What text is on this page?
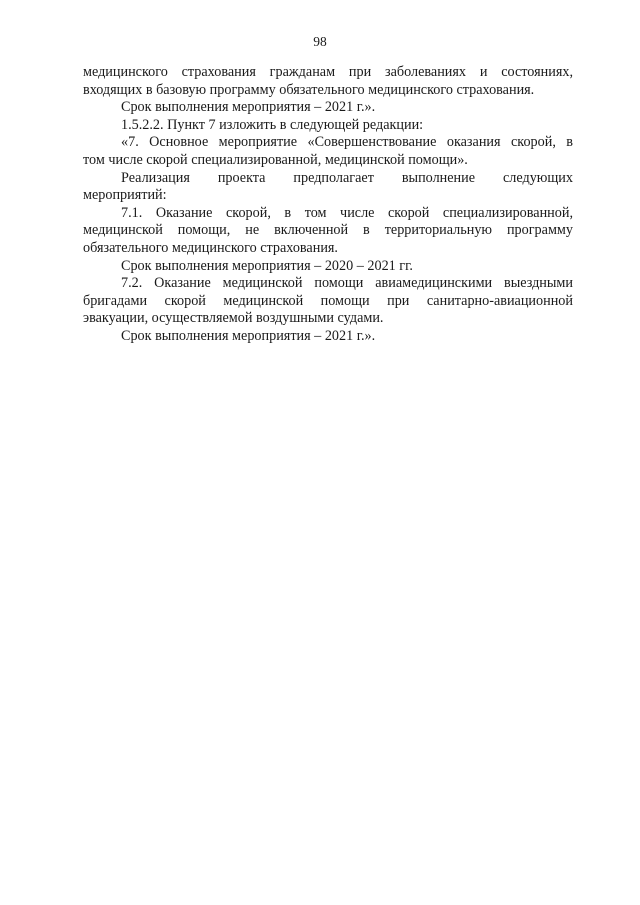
98
медицинского страхования гражданам при заболеваниях и состояниях,
входящих в базовую программу обязательного медицинского страхования.
Срок выполнения мероприятия – 2021 г.».
1.5.2.2. Пункт 7 изложить в следующей редакции:
«7. Основное мероприятие «Совершенствование оказания скорой, в
том числе скорой специализированной, медицинской помощи».
Реализация проекта предполагает выполнение следующих
мероприятий:
7.1. Оказание скорой, в том числе скорой специализированной,
медицинской помощи, не включенной в территориальную программу
обязательного медицинского страхования.
Срок выполнения мероприятия – 2020 – 2021 гг.
7.2. Оказание медицинской помощи авиамедицинскими выездными
бригадами скорой медицинской помощи при санитарно-авиационной
эвакуации, осуществляемой воздушными судами.
Срок выполнения мероприятия – 2021 г.».
